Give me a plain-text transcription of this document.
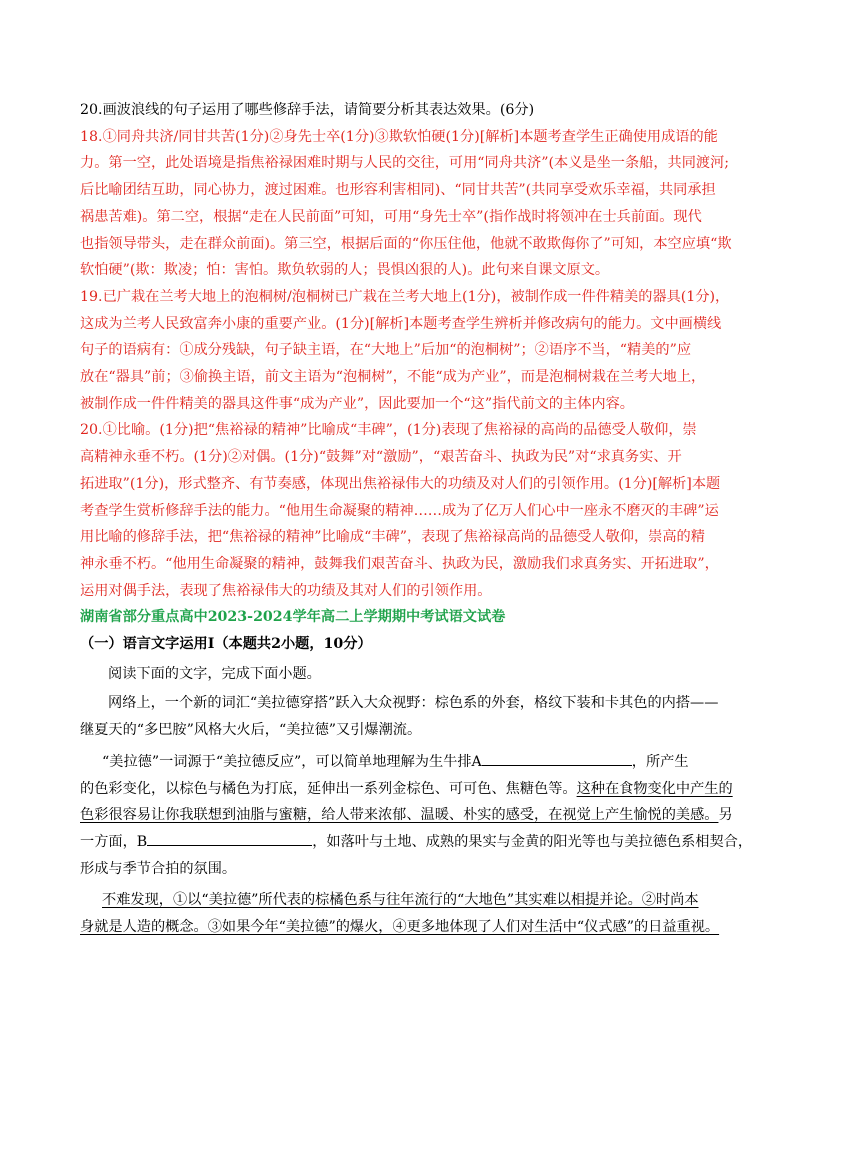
20.画波浪线的句子运用了哪些修辞手法，请简要分析其表达效果。(6分)

18.①同舟共济/同甘共苦(1分)②身先士卒(1分)③欺软怕硬(1分)[解析]本题考查学生正确使用成语的能

力。第一空，此处语境是指焦裕禄困难时期与人民的交往，可用“同舟共济”(本义是坐一条船，共同渡河;

后比喻团结互助，同心协力，渡过困难。也形容利害相同)、“同甘共苦”(共同享受欢乐幸福，共同承担

祸患苦难)。第二空，根据“走在人民前面”可知，可用“身先士卒”(指作战时将领冲在士兵前面。现代

也指领导带头，走在群众前面)。第三空，根据后面的“你压住他，他就不敢欺侮你了”可知，本空应填“欺

软怕硬”(欺：欺凌；怕：害怕。欺负软弱的人；畏惧凶狠的人)。此句来自课文原文。

19.已广栽在兰考大地上的泡桐树/泡桐树已广栽在兰考大地上(1分)，被制作成一件件精美的器具(1分)，

这成为兰考人民致富奔小康的重要产业。(1分)[解析]本题考查学生辨析并修改病句的能力。文中画横线

句子的语病有：①成分残缺，句子缺主语，在“大地上”后加“的泡桐树”；②语序不当，“精美的”应

放在“器具”前；③偷换主语，前文主语为“泡桐树”，不能“成为产业”，而是泡桐树栽在兰考大地上，

被制作成一件件精美的器具这件事“成为产业”，因此要加一个“这”指代前文的主体内容。

20.①比喻。(1分)把“焦裕禄的精神”比喻成“丰碑”，(1分)表现了焦裕禄的高尚的品德受人敬仰，崇

高精神永垂不朽。(1分)②对偶。(1分)“鼓舞”对“激励”，“艰苦奋斗、执政为民”对“求真务实、开

拓进取”(1分)，形式整齐、有节奏感，体现出焦裕禄伟大的功绩及对人们的引领作用。(1分)[解析]本题

考查学生赏析修辞手法的能力。“他用生命凝聚的精神……成为了亿万人们心中一座永不磨灭的丰碑”运

用比喻的修辞手法，把“焦裕禄的精神”比喻成“丰碑”，表现了焦裕禄高尚的品德受人敬仰，崇高的精

神永垂不朽。“他用生命凝聚的精神，鼓舞我们艰苦奋斗、执政为民，激励我们求真务实、开拓进取”，

运用对偶手法，表现了焦裕禄伟大的功绩及其对人们的引领作用。

湖南省部分重点高中2023-2024学年高二上学期期中考试语文试卷

（一）语言文字运用Ⅰ（本题共2小题，10分）

阅读下面的文字，完成下面小题。

网络上，一个新的词汇“美拉德穿搭”跃入大众视野：棕色系的外套，格纹下装和卡其色的内搭——

继夏天的“多巴胺”风格大火后，“美拉德”又引爆潮流。

“美拉德”一词源于“美拉德反应”，可以简单地理解为生牛排A	，所产生

的色彩变化，以棕色与橘色为打底，延伸出一系列金棕色、可可色、焦糖色等。这种在食物变化中产生的

色彩很容易让你我联想到油脂与蜜糖，给人带来浓郁、温暖、朴实的感受，在视觉上产生愉悦的美感。另

一方面，B	，如落叶与土地、成熟的果实与金黄的阳光等也与美拉德色系相契合，

形成与季节合拍的氛围。

不难发现，①以“美拉德”所代表的棕橘色系与往年流行的“大地色”其实难以相提并论。②时尚本

身就是人造的概念。③如果今年“美拉德”的爆火，④更多地体现了人们对生活中“仪式感”的日益重视。
